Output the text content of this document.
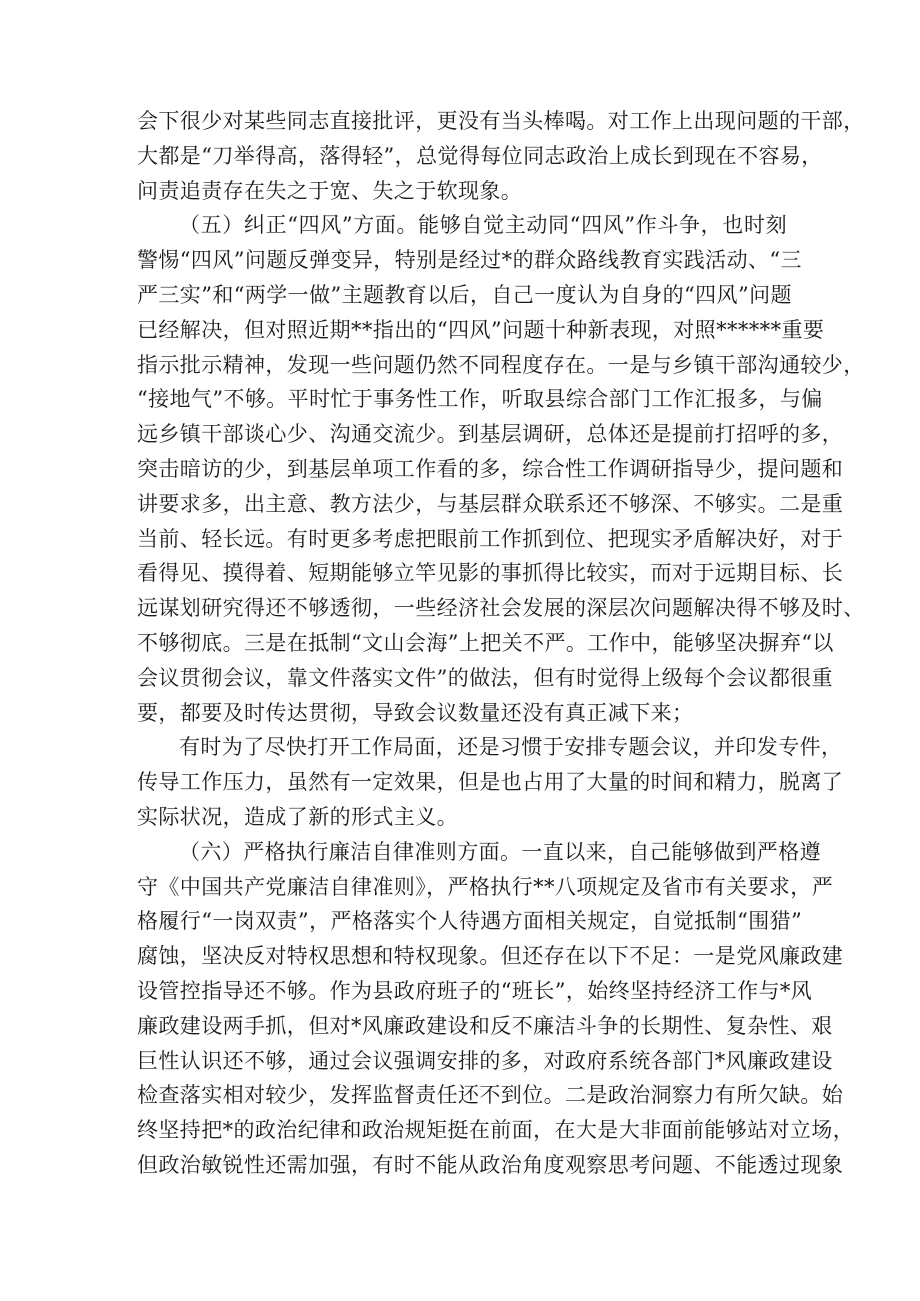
会下很少对某些同志直接批评，更没有当头棒喝。对工作上出现问题的干部，
大都是“刀举得高，落得轻”，总觉得每位同志政治上成长到现在不容易，
问责追责存在失之于宽、失之于软现象。

（五）纠正“四风”方面。能够自觉主动同“四风”作斗争，也时刻
警惕“四风”问题反弹变异，特别是经过*的群众路线教育实践活动、“三
严三实”和“两学一做”主题教育以后，自己一度认为自身的“四风”问题
已经解决，但对照近期**指出的“四风”问题十种新表现，对照******重要
指示批示精神，发现一些问题仍然不同程度存在。一是与乡镇干部沟通较少，
“接地气”不够。平时忙于事务性工作，听取县综合部门工作汇报多，与偏
远乡镇干部谈心少、沟通交流少。到基层调研，总体还是提前打招呼的多，
突击暗访的少，到基层单项工作看的多，综合性工作调研指导少，提问题和
讲要求多，出主意、教方法少，与基层群众联系还不够深、不够实。二是重
当前、轻长远。有时更多考虑把眼前工作抓到位、把现实矛盾解决好，对于
看得见、摸得着、短期能够立竿见影的事抓得比较实，而对于远期目标、长
远谋划研究得还不够透彻，一些经济社会发展的深层次问题解决得不够及时、
不够彻底。三是在抵制“文山会海”上把关不严。工作中，能够坚决摒弃“以
会议贯彻会议，靠文件落实文件”的做法，但有时觉得上级每个会议都很重
要，都要及时传达贯彻，导致会议数量还没有真正减下来；

有时为了尽快打开工作局面，还是习惯于安排专题会议，并印发专件，
传导工作压力，虽然有一定效果，但是也占用了大量的时间和精力，脱离了
实际状况，造成了新的形式主义。

（六）严格执行廉洁自律准则方面。一直以来，自己能够做到严格遵
守《中国共产党廉洁自律准则》，严格执行**八项规定及省市有关要求，严
格履行“一岗双责”，严格落实个人待遇方面相关规定，自觉抵制“围猎”
腐蚀，坚决反对特权思想和特权现象。但还存在以下不足：一是党风廉政建
设管控指导还不够。作为县政府班子的“班长”，始终坚持经济工作与*风
廉政建设两手抓，但对*风廉政建设和反不廉洁斗争的长期性、复杂性、艰
巨性认识还不够，通过会议强调安排的多，对政府系统各部门*风廉政建设
检查落实相对较少，发挥监督责任还不到位。二是政治洞察力有所欠缺。始
终坚持把*的政治纪律和政治规矩挺在前面，在大是大非面前能够站对立场，
但政治敏锐性还需加强，有时不能从政治角度观察思考问题、不能透过现象
